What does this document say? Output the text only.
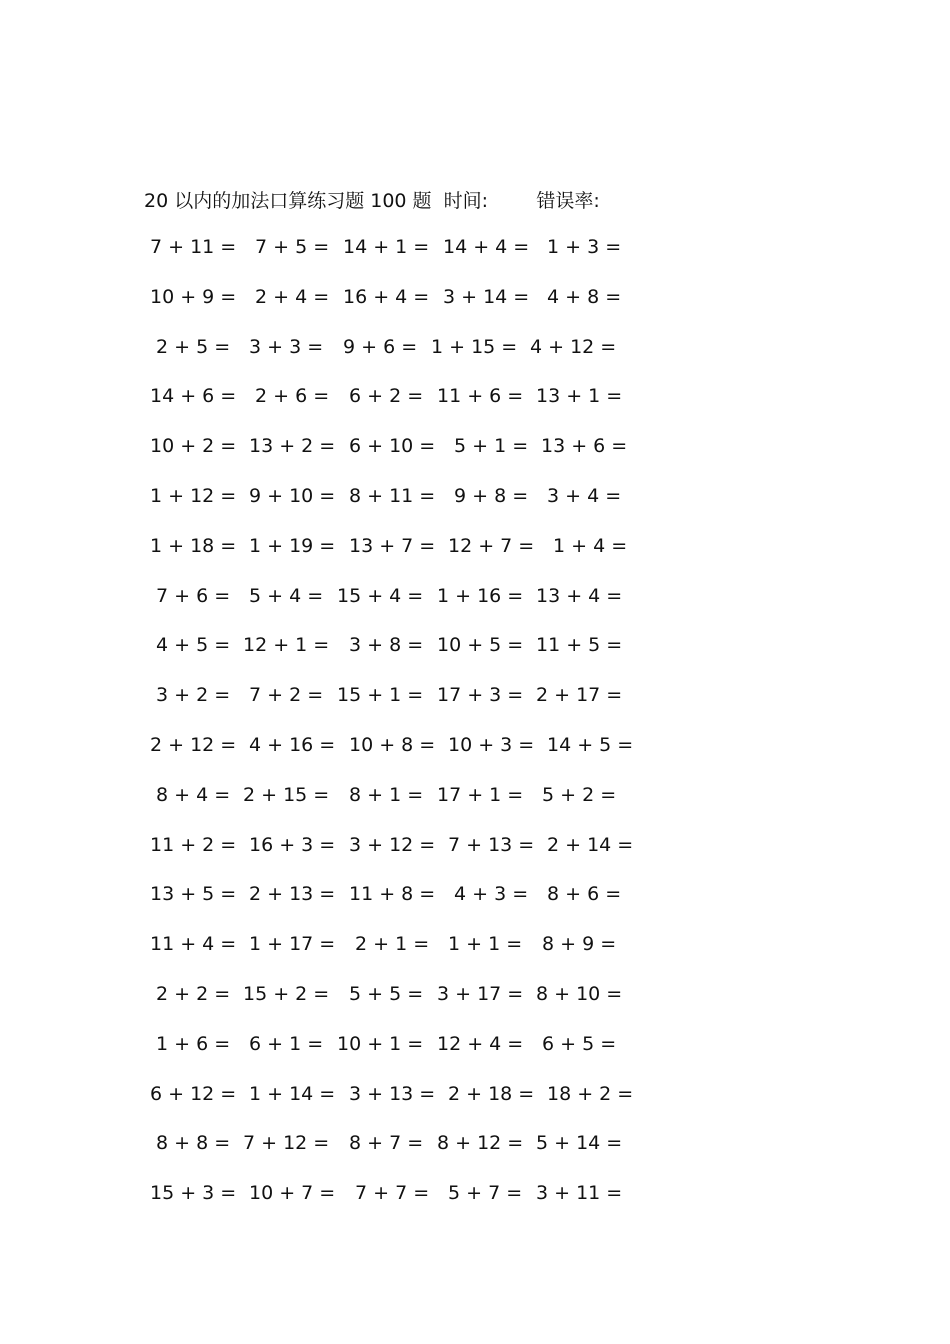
20 以内的加法口算练习题 100 题  时间:        错误率:
7 + 11 = 7 + 5 = 14 + 1 = 14 + 4 = 1 + 3 =
10 + 9 = 2 + 4 = 16 + 4 = 3 + 14 = 4 + 8 =
2 + 5 = 3 + 3 = 9 + 6 = 1 + 15 = 4 + 12 =
14 + 6 = 2 + 6 = 6 + 2 = 11 + 6 = 13 + 1 =
10 + 2 = 13 + 2 = 6 + 10 = 5 + 1 = 13 + 6 =
1 + 12 = 9 + 10 = 8 + 11 = 9 + 8 = 3 + 4 =
1 + 18 = 1 + 19 = 13 + 7 = 12 + 7 = 1 + 4 =
7 + 6 = 5 + 4 = 15 + 4 = 1 + 16 = 13 + 4 =
4 + 5 = 12 + 1 = 3 + 8 = 10 + 5 = 11 + 5 =
3 + 2 = 7 + 2 = 15 + 1 = 17 + 3 = 2 + 17 =
2 + 12 = 4 + 16 = 10 + 8 = 10 + 3 = 14 + 5 =
8 + 4 = 2 + 15 = 8 + 1 = 17 + 1 = 5 + 2 =
11 + 2 = 16 + 3 = 3 + 12 = 7 + 13 = 2 + 14 =
13 + 5 = 2 + 13 = 11 + 8 = 4 + 3 = 8 + 6 =
11 + 4 = 1 + 17 = 2 + 1 = 1 + 1 = 8 + 9 =
2 + 2 = 15 + 2 = 5 + 5 = 3 + 17 = 8 + 10 =
1 + 6 = 6 + 1 = 10 + 1 = 12 + 4 = 6 + 5 =
6 + 12 = 1 + 14 = 3 + 13 = 2 + 18 = 18 + 2 =
8 + 8 = 7 + 12 = 8 + 7 = 8 + 12 = 5 + 14 =
15 + 3 = 10 + 7 = 7 + 7 = 5 + 7 = 3 + 11 =
